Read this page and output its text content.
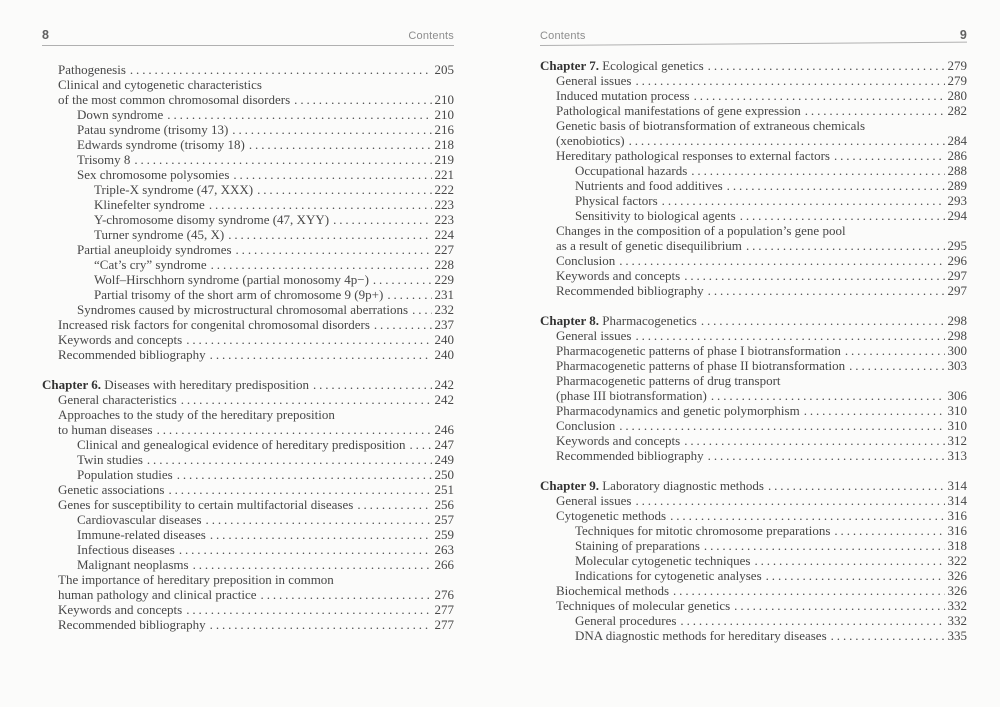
8	Contents
Pathogenesis .....	205
Clinical and cytogenetic characteristics
of the most common chromosomal disorders .....	210
Down syndrome .....	210
Patau syndrome (trisomy 13) .....	216
Edwards syndrome (trisomy 18) .....	218
Trisomy 8 .....	219
Sex chromosome polysomies .....	221
Triple-X syndrome (47, XXX) .....	222
Klinefelter syndrome .....	223
Y-chromosome disomy syndrome (47, XYY) .....	223
Turner syndrome (45, X) .....	224
Partial aneuploidy syndromes .....	227
“Cat’s cry” syndrome .....	228
Wolf–Hirschhorn syndrome (partial monosomy 4p−) .....	229
Partial trisomy of the short arm of chromosome 9 (9p+) .....	231
Syndromes caused by microstructural chromosomal aberrations ..... 232
Increased risk factors for congenital chromosomal disorders .....	237
Keywords and concepts .....	240
Recommended bibliography .....	240
Chapter 6. Diseases with hereditary predisposition .....	242
General characteristics .....	242
Approaches to the study of the hereditary preposition
to human diseases .....	246
Clinical and genealogical evidence of hereditary predisposition ..... 247
Twin studies .....	249
Population studies .....	250
Genetic associations .....	251
Genes for susceptibility to certain multifactorial diseases .....	256
Cardiovascular diseases .....	257
Immune-related diseases .....	259
Infectious diseases .....	263
Malignant neoplasms .....	266
The importance of hereditary preposition in common
human pathology and clinical practice .....	276
Keywords and concepts .....	277
Recommended bibliography .....	277
Contents	9
Chapter 7. Ecological genetics .....	279
General issues .....	279
Induced mutation process .....	280
Pathological manifestations of gene expression .....	282
Genetic basis of biotransformation of extraneous chemicals
(xenobiotics) .....	284
Hereditary pathological responses to external factors .....	286
Occupational hazards .....	288
Nutrients and food additives .....	289
Physical factors .....	293
Sensitivity to biological agents .....	294
Changes in the composition of a population’s gene pool
as a result of genetic disequilibrium .....	295
Conclusion .....	296
Keywords and concepts .....	297
Recommended bibliography .....	297
Chapter 8. Pharmacogenetics .....	298
General issues .....	298
Pharmacogenetic patterns of phase I biotransformation .....	300
Pharmacogenetic patterns of phase II biotransformation .....	303
Pharmacogenetic patterns of drug transport
(phase III biotransformation) .....	306
Pharmacodynamics and genetic polymorphism .....	310
Conclusion .....	310
Keywords and concepts .....	312
Recommended bibliography .....	313
Chapter 9. Laboratory diagnostic methods .....	314
General issues .....	314
Cytogenetic methods .....	316
Techniques for mitotic chromosome preparations .....	316
Staining of preparations .....	318
Molecular cytogenetic techniques .....	322
Indications for cytogenetic analyses .....	326
Biochemical methods .....	326
Techniques of molecular genetics .....	332
General procedures .....	332
DNA diagnostic methods for hereditary diseases .....	335
